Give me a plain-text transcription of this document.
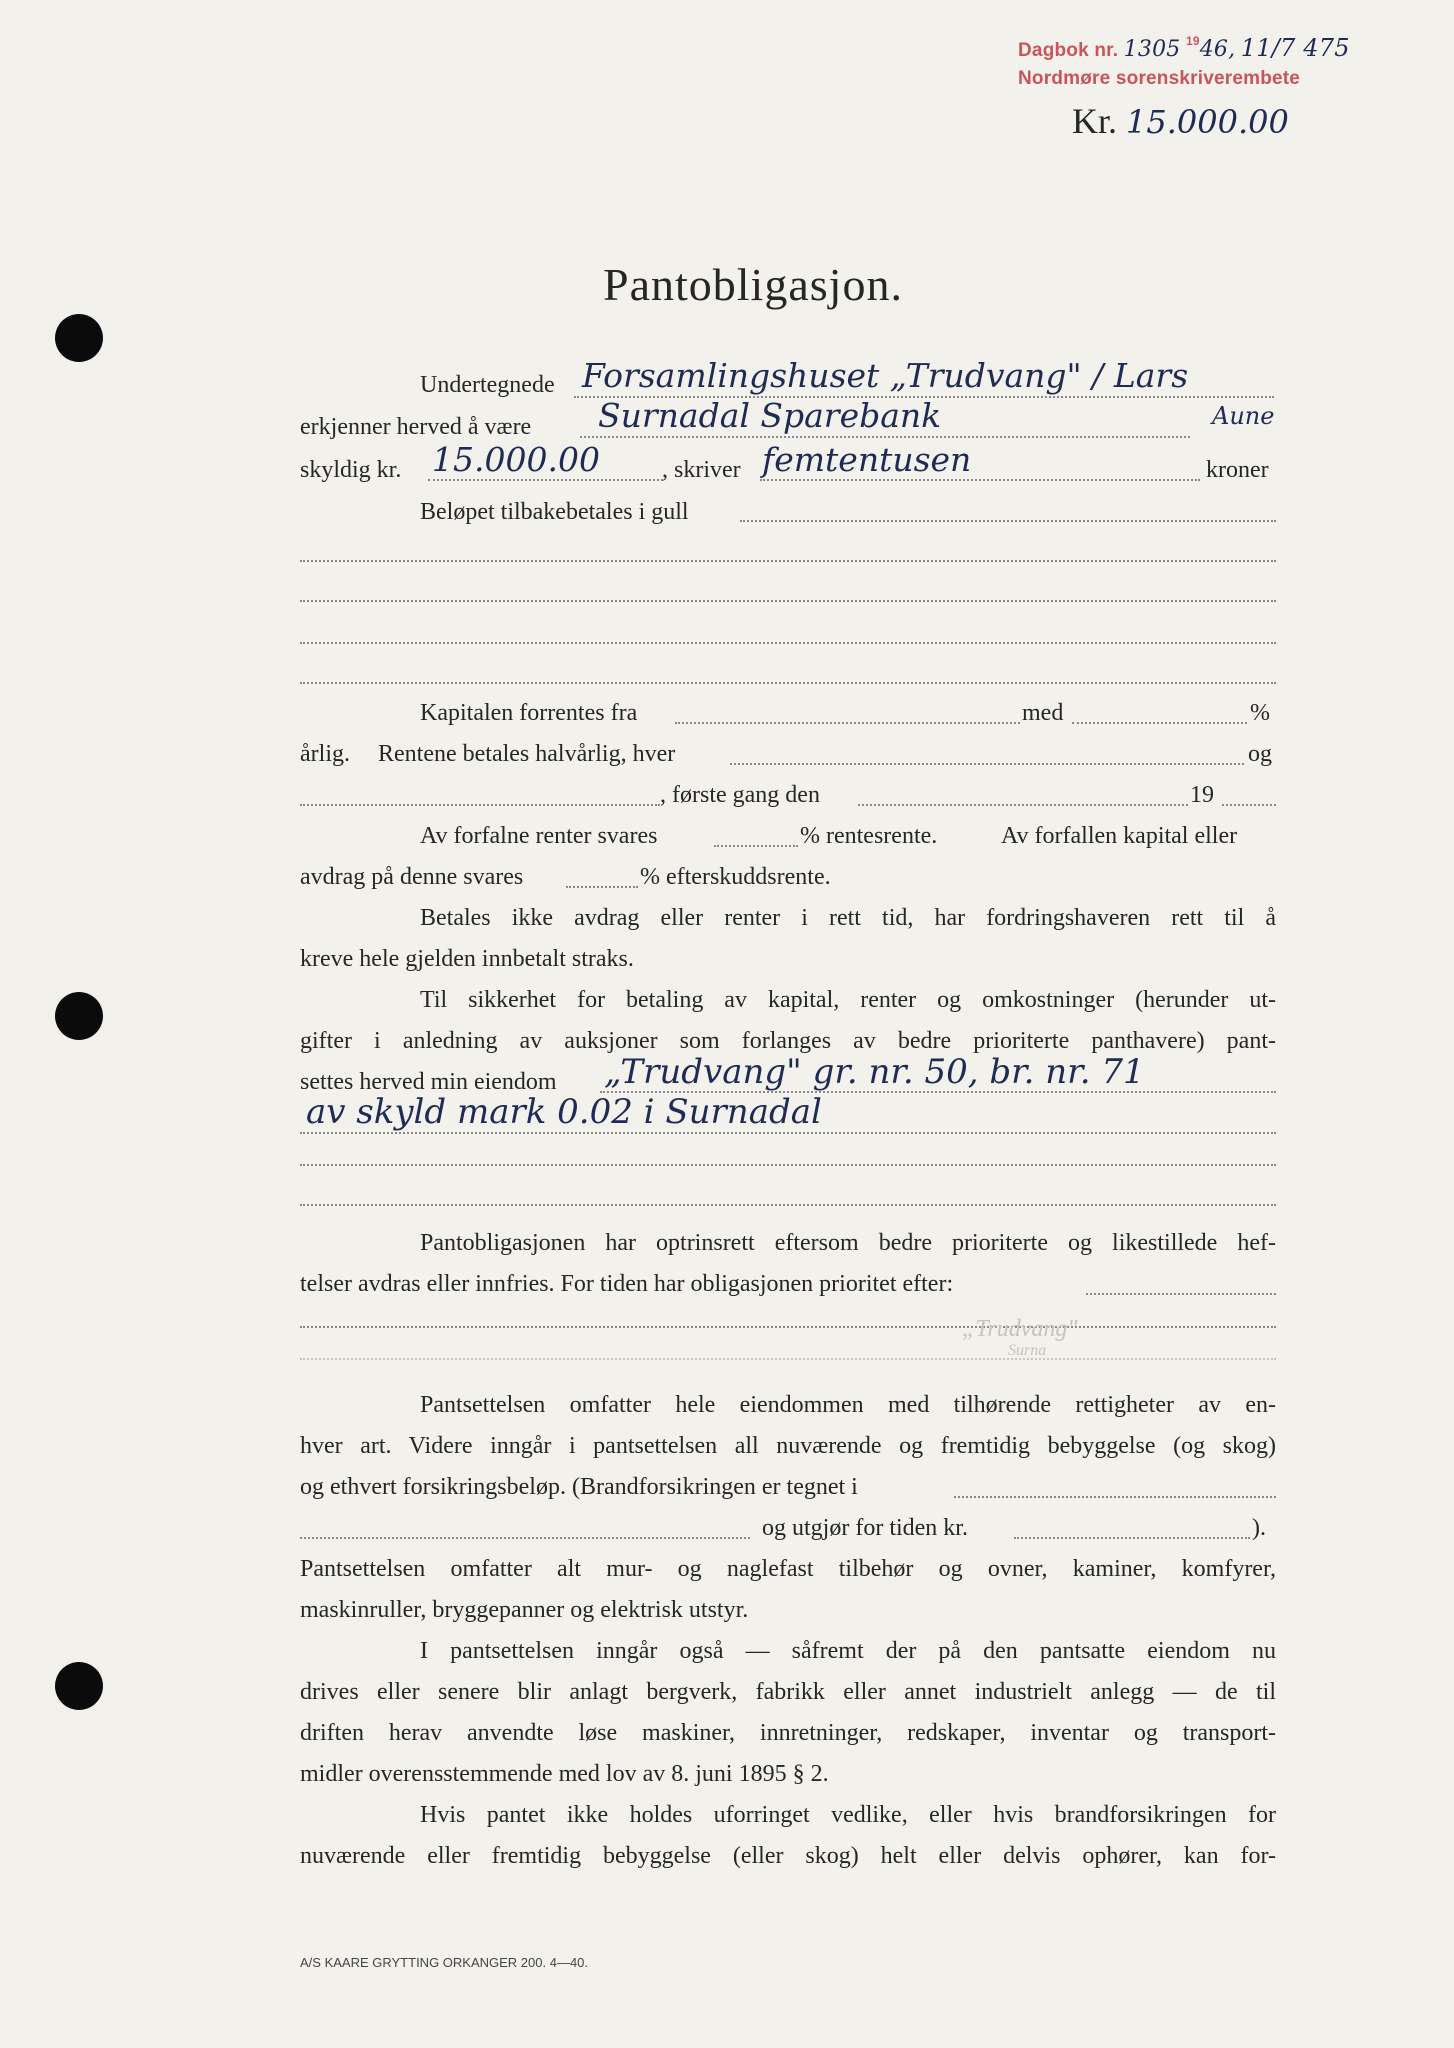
Dagbok nr. 1305 $^{19}$46, 11/7 475
Nordmøre sorenskriverembete
Kr. 15.000.00
Pantobligasjon.
Undertegnede Forsamlingshuset „Trudvang" / Lars
Aune
erkjenner herved å være Surnadal Sparebank
skyldig kr. 15.000.00	, skriver femtentusen	kroner
Beløpet tilbakebetales i gull
Kapitalen forrentes fra	med	%
årlig. Rentene betales halvårlig, hver	og
, første gang den	19
Av forfalne renter svares	% rentesrente.	Av forfallen kapital eller
avdrag på denne svares	% efterskuddsrente.
Betales ikke avdrag eller renter i rett tid, har fordringshaveren rett til å
kreve hele gjelden innbetalt straks.
Til sikkerhet for betaling av kapital, renter og omkostninger (herunder ut-
gifter i anledning av auksjoner som forlanges av bedre prioriterte panthavere) pant-
settes herved min eiendom „Trudvang" gr. nr. 50, br. nr. 71
av skyld mark 0.02 i Surnadal
Pantobligasjonen har optrinsrett eftersom bedre prioriterte og likestillede hef-
telser avdras eller innfries. For tiden har obligasjonen prioritet efter:
„Trudvang"
Surna
Pantsettelsen omfatter hele eiendommen med tilhørende rettigheter av en-
hver art. Videre inngår i pantsettelsen all nuværende og fremtidig bebyggelse (og skog)
og ethvert forsikringsbeløp. (Brandforsikringen er tegnet i
og utgjør for tiden kr.	).
Pantsettelsen omfatter alt mur- og naglefast tilbehør og ovner, kaminer, komfyrer,
maskinruller, bryggepanner og elektrisk utstyr.
I pantsettelsen inngår også — såfremt der på den pantsatte eiendom nu
drives eller senere blir anlagt bergverk, fabrikk eller annet industrielt anlegg — de til
driften herav anvendte løse maskiner, innretninger, redskaper, inventar og transport-
midler overensstemmende med lov av 8. juni 1895 § 2.
Hvis pantet ikke holdes uforringet vedlike, eller hvis brandforsikringen for
nuværende eller fremtidig bebyggelse (eller skog) helt eller delvis ophører, kan for-
A/S KAARE GRYTTING ORKANGER 200. 4—40.
